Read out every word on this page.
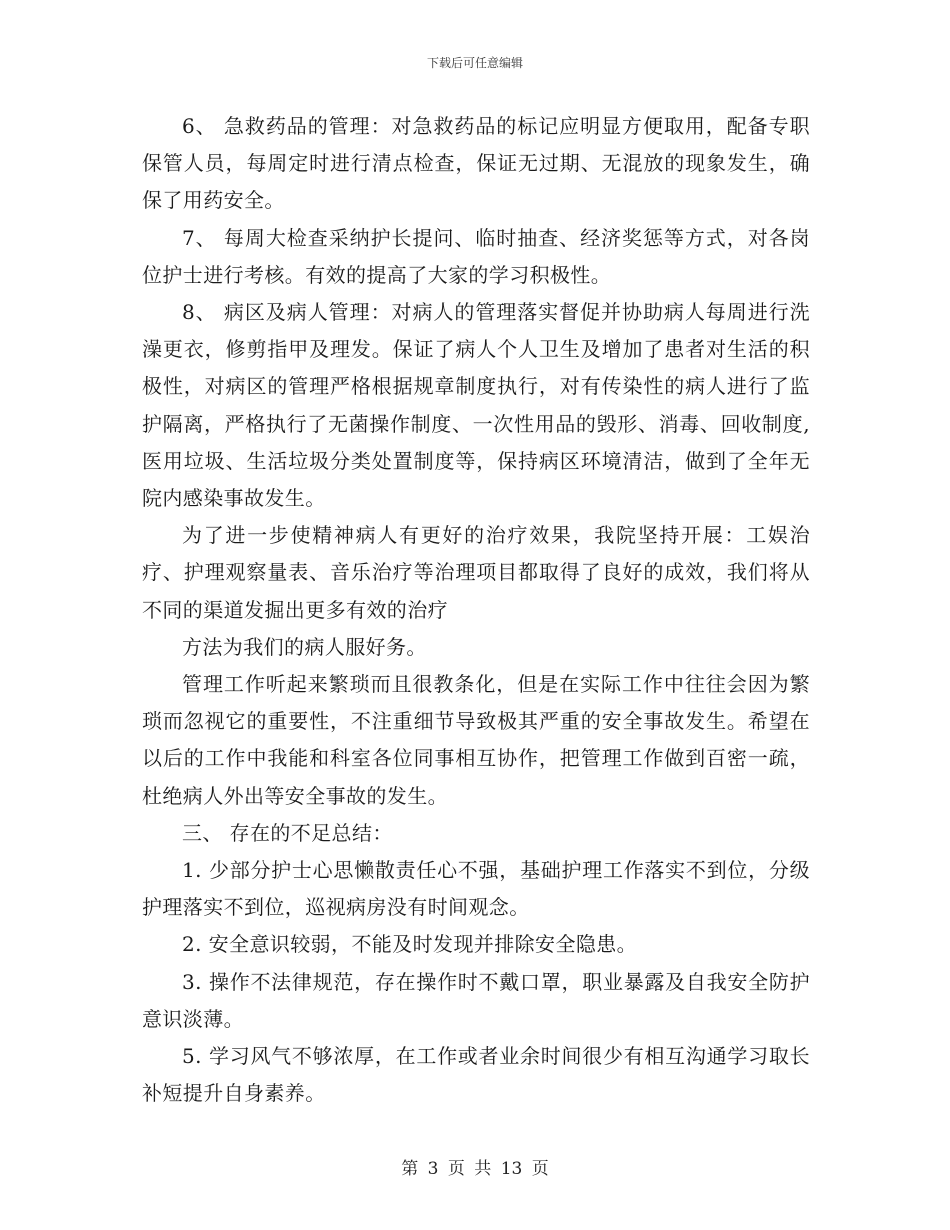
下载后可任意编辑

6、 急救药品的管理：对急救药品的标记应明显方便取用，配备专职保管人员，每周定时进行清点检查，保证无过期、无混放的现象发生，确保了用药安全。

7、 每周大检查采纳护长提问、临时抽查、经济奖惩等方式，对各岗位护士进行考核。有效的提高了大家的学习积极性。

8、 病区及病人管理：对病人的管理落实督促并协助病人每周进行洗澡更衣，修剪指甲及理发。保证了病人个人卫生及增加了患者对生活的积极性，对病区的管理严格根据规章制度执行，对有传染性的病人进行了监护隔离，严格执行了无菌操作制度、一次性用品的毁形、消毒、回收制度,医用垃圾、生活垃圾分类处置制度等，保持病区环境清洁，做到了全年无院内感染事故发生。

为了进一步使精神病人有更好的治疗效果，我院坚持开展：工娱治疗、护理观察量表、音乐治疗等治理项目都取得了良好的成效，我们将从不同的渠道发掘出更多有效的治疗

方法为我们的病人服好务。

管理工作听起来繁琐而且很教条化，但是在实际工作中往往会因为繁琐而忽视它的重要性，不注重细节导致极其严重的安全事故发生。希望在以后的工作中我能和科室各位同事相互协作，把管理工作做到百密一疏，杜绝病人外出等安全事故的发生。

三、 存在的不足总结：

1. 少部分护士心思懒散责任心不强，基础护理工作落实不到位，分级护理落实不到位，巡视病房没有时间观念。

2. 安全意识较弱，不能及时发现并排除安全隐患。

3. 操作不法律规范，存在操作时不戴口罩，职业暴露及自我安全防护意识淡薄。

5. 学习风气不够浓厚，在工作或者业余时间很少有相互沟通学习取长补短提升自身素养。

第 3 页 共 13 页
